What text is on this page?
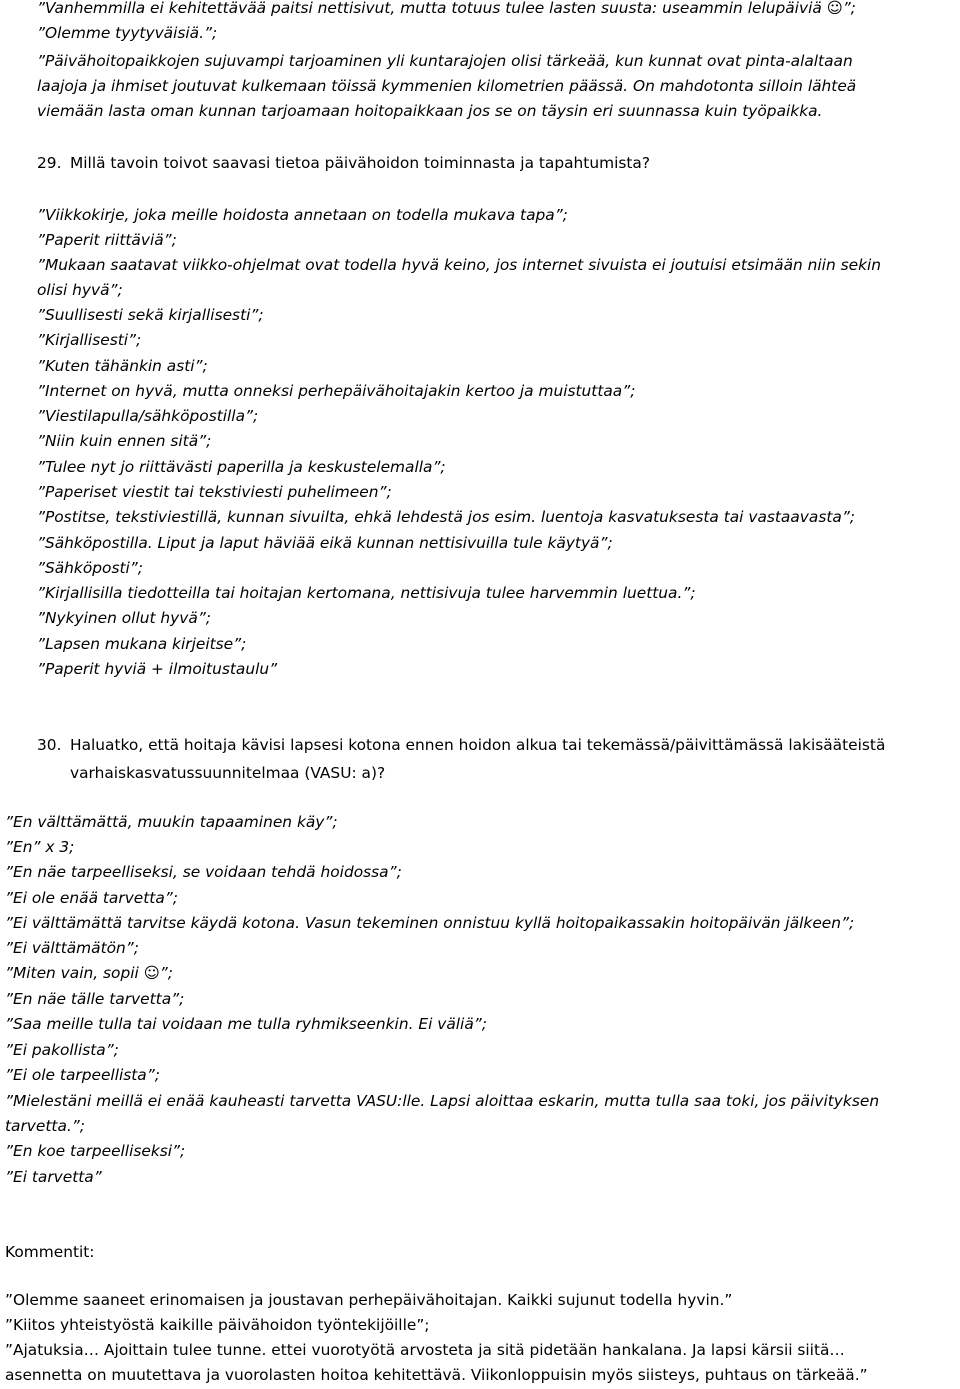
”Vanhemmilla ei kehitettävää paitsi nettisivut, mutta totuus tulee lasten suusta: useammin lelupäiviä ☺”;
”Olemme tyytyväisiä.”;
”Päivähoitopaikkojen sujuvampi tarjoaminen yli kuntarajojen olisi tärkeää, kun kunnat ovat pinta-alaltaan
laajoja ja ihmiset joutuvat kulkemaan töissä kymmenien kilometrien päässä. On mahdotonta silloin lähteä
viemään lasta oman kunnan tarjoamaan hoitopaikkaan jos se on täysin eri suunnassa kuin työpaikka.
29. Millä tavoin toivot saavasi tietoa päivähoidon toiminnasta ja tapahtumista?
”Viikkokirje, joka meille hoidosta annetaan on todella mukava tapa”;
”Paperit riittäviä”;
”Mukaan saatavat viikko-ohjelmat ovat todella hyvä keino, jos internet sivuista ei joutuisi etsimään niin sekin
olisi hyvä”;
”Suullisesti sekä kirjallisesti”;
”Kirjallisesti”;
”Kuten tähänkin asti”;
”Internet on hyvä, mutta onneksi perhepäivähoitajakin kertoo ja muistuttaa”;
”Viestilapulla/sähköpostilla”;
”Niin kuin ennen sitä”;
”Tulee nyt jo riittävästi paperilla ja keskustelemalla”;
”Paperiset viestit tai tekstiviesti puhelimeen”;
”Postitse, tekstiviestillä, kunnan sivuilta, ehkä lehdestä jos esim. luentoja kasvatuksesta tai vastaavasta”;
”Sähköpostilla. Liput ja laput häviää eikä kunnan nettisivuilla tule käytyä”;
”Sähköposti”;
”Kirjallisilla tiedotteilla tai hoitajan kertomana, nettisivuja tulee harvemmin luettua.”;
”Nykyinen ollut hyvä”;
”Lapsen mukana kirjeitse”;
”Paperit hyviä + ilmoitustaulu”
30. Haluatko, että hoitaja kävisi lapsesi kotona ennen hoidon alkua tai tekemässä/päivittämässä lakisääteistä
varhaiskasvatussuunnitelmaa (VASU: a)?
”En välttämättä, muukin tapaaminen käy”;
”En” x 3;
”En näe tarpeelliseksi, se voidaan tehdä hoidossa”;
”Ei ole enää tarvetta”;
”Ei välttämättä tarvitse käydä kotona. Vasun tekeminen onnistuu kyllä hoitopaikassakin hoitopäivän jälkeen”;
”Ei välttämätön”;
”Miten vain, sopii ☺”;
”En näe tälle tarvetta”;
”Saa meille tulla tai voidaan me tulla ryhmikseenkin. Ei väliä”;
”Ei pakollista”;
”Ei ole tarpeellista”;
”Mielestäni meillä ei enää kauheasti tarvetta VASU:lle. Lapsi aloittaa eskarin, mutta tulla saa toki, jos päivityksen
tarvetta.”;
”En koe tarpeelliseksi”;
”Ei tarvetta”
Kommentit:
”Olemme saaneet erinomaisen ja joustavan perhepäivähoitajan. Kaikki sujunut todella hyvin.”
”Kiitos yhteistyöstä kaikille päivähoidon työntekijöille”;
”Ajatuksia… Ajoittain tulee tunne. ettei vuorotyötä arvosteta ja sitä pidetään hankalana. Ja lapsi kärsii siitä…
asennetta on muutettava ja vuorolasten hoitoa kehitettävä. Viikonloppuisin myös siisteys, puhtaus on tärkeää.”
